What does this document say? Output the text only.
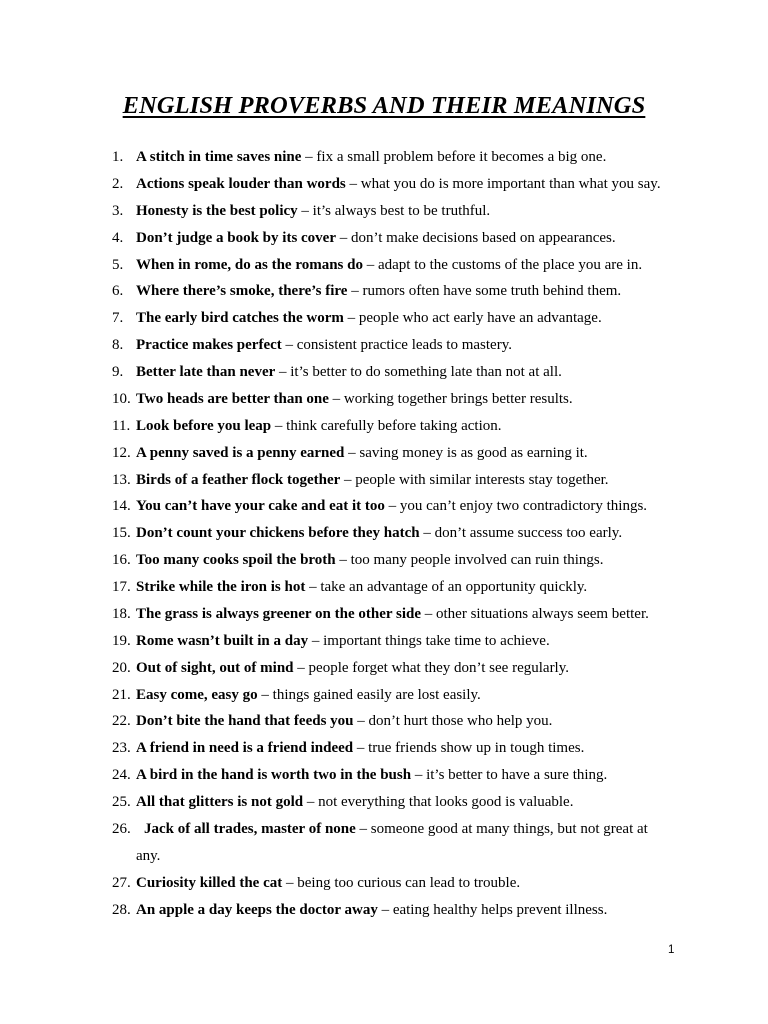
ENGLISH PROVERBS AND THEIR MEANINGS
1. A stitch in time saves nine – fix a small problem before it becomes a big one.
2. Actions speak louder than words – what you do is more important than what you say.
3. Honesty is the best policy – it’s always best to be truthful.
4. Don’t judge a book by its cover – don’t make decisions based on appearances.
5. When in rome, do as the romans do – adapt to the customs of the place you are in.
6. Where there’s smoke, there’s fire – rumors often have some truth behind them.
7. The early bird catches the worm – people who act early have an advantage.
8. Practice makes perfect – consistent practice leads to mastery.
9. Better late than never – it’s better to do something late than not at all.
10. Two heads are better than one – working together brings better results.
11. Look before you leap – think carefully before taking action.
12. A penny saved is a penny earned – saving money is as good as earning it.
13. Birds of a feather flock together – people with similar interests stay together.
14. You can’t have your cake and eat it too – you can’t enjoy two contradictory things.
15. Don’t count your chickens before they hatch – don’t assume success too early.
16. Too many cooks spoil the broth – too many people involved can ruin things.
17. Strike while the iron is hot – take an advantage of an opportunity quickly.
18. The grass is always greener on the other side – other situations always seem better.
19. Rome wasn’t built in a day – important things take time to achieve.
20. Out of sight, out of mind – people forget what they don’t see regularly.
21. Easy come, easy go – things gained easily are lost easily.
22. Don’t bite the hand that feeds you – don’t hurt those who help you.
23. A friend in need is a friend indeed – true friends show up in tough times.
24. A bird in the hand is worth two in the bush – it’s better to have a sure thing.
25. All that glitters is not gold – not everything that looks good is valuable.
26. Jack of all trades, master of none – someone good at many things, but not great at any.
27. Curiosity killed the cat – being too curious can lead to trouble.
28. An apple a day keeps the doctor away – eating healthy helps prevent illness.
1
